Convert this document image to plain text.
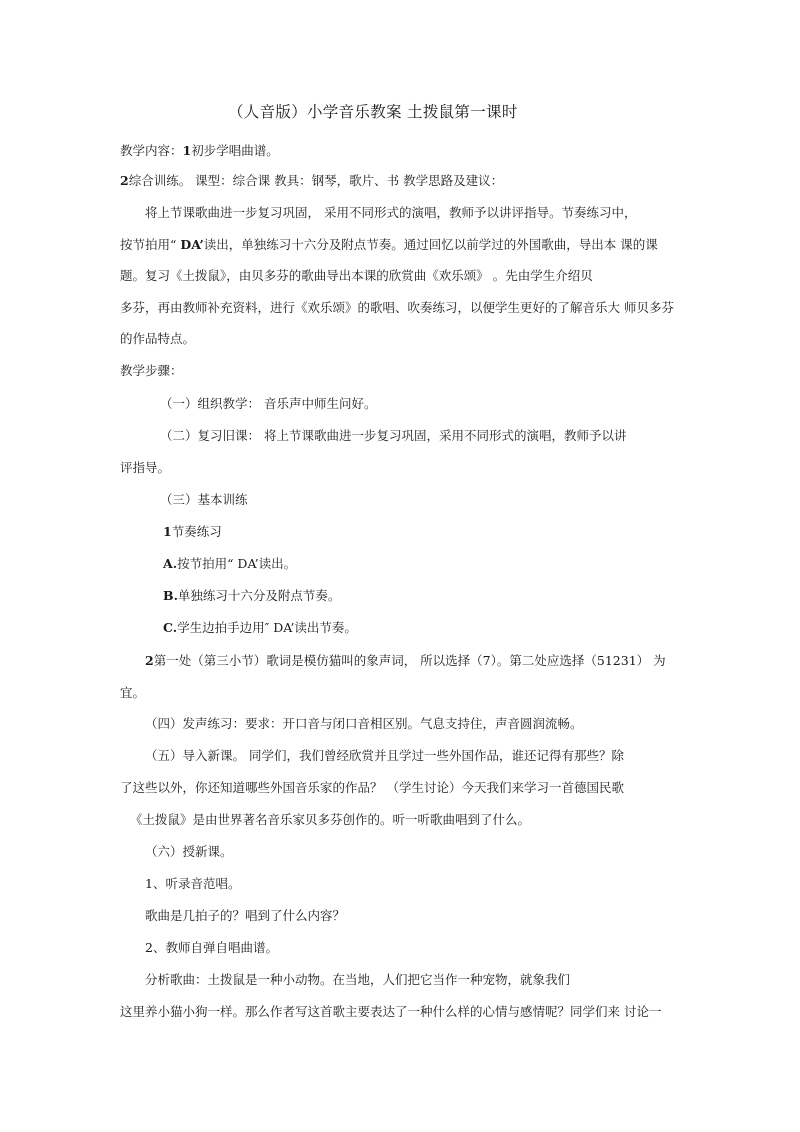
（人音版）小学音乐教案 土拨鼠第一课时
教学内容：1初步学唱曲谱。
2综合训练。 课型：综合课 教具：钢琴，歌片、书 教学思路及建议：
将上节课歌曲进一步复习巩固， 采用不同形式的演唱，教师予以讲评指导。节奏练习中，
按节拍用“ DA’读出，单独练习十六分及附点节奏。通过回忆以前学过的外国歌曲，导出本 课的课
题。复习《土拨鼠》，由贝多芬的歌曲导出本课的欣赏曲《欢乐颂》 。先由学生介绍贝
多芬，再由教师补充资料，进行《欢乐颂》的歌唱、吹奏练习，以便学生更好的了解音乐大 师贝多芬
的作品特点。
教学步骤：
（一）组织教学： 音乐声中师生问好。
（二）复习旧课： 将上节课歌曲进一步复习巩固，采用不同形式的演唱，教师予以讲
评指导。
（三）基本训练
1节奏练习
A.按节拍用“ DA’读出。
B.单独练习十六分及附点节奏。
C.学生边拍手边用″ DA’读出节奏。
2第一处（第三小节）歌词是模仿猫叫的象声词， 所以选择（7）。第二处应选择（51231） 为
宜。
（四）发声练习：要求：开口音与闭口音相区别。气息支持住，声音圆润流畅。
（五）导入新课。 同学们，我们曾经欣赏并且学过一些外国作品，谁还记得有那些？除
了这些以外，你还知道哪些外国音乐家的作品？ （学生讨论）今天我们来学习一首德国民歌
《土拨鼠》是由世界著名音乐家贝多芬创作的。听一听歌曲唱到了什么。
（六）授新课。
1、听录音范唱。
歌曲是几拍子的？唱到了什么内容？
2、教师自弹自唱曲谱。
分析歌曲：土拨鼠是一种小动物。在当地，人们把它当作一种宠物，就象我们
这里养小猫小狗一样。那么作者写这首歌主要表达了一种什么样的心情与感情呢？同学们来 讨论一
